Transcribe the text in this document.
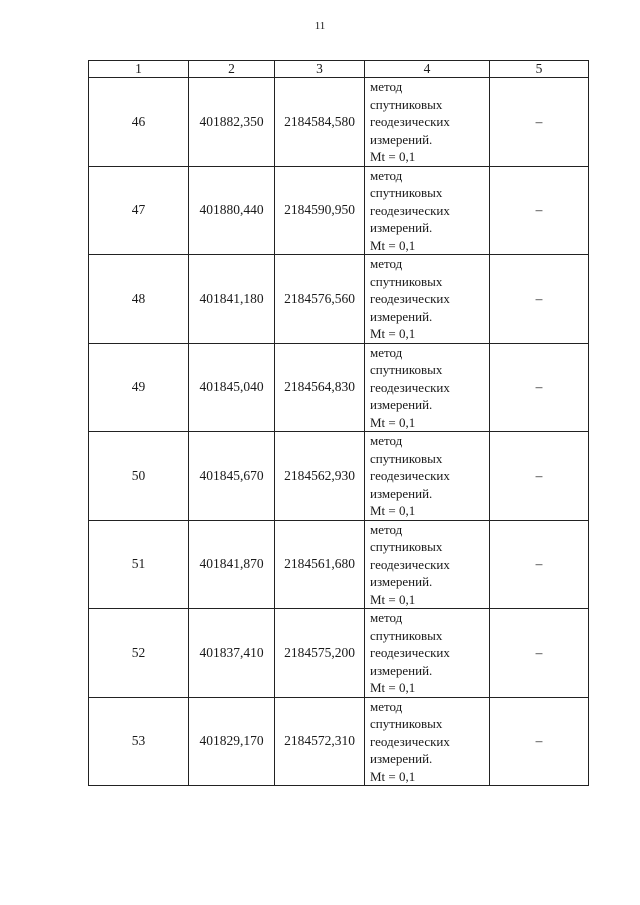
11
1	2	3	4	5
46	401882,350	2184584,580	метод
спутниковых
геодезических
измерений.
Mt = 0,1	–
47	401880,440	2184590,950	метод
спутниковых
геодезических
измерений.
Mt = 0,1	–
48	401841,180	2184576,560	метод
спутниковых
геодезических
измерений.
Mt = 0,1	–
49	401845,040	2184564,830	метод
спутниковых
геодезических
измерений.
Mt = 0,1	–
50	401845,670	2184562,930	метод
спутниковых
геодезических
измерений.
Mt = 0,1	–
51	401841,870	2184561,680	метод
спутниковых
геодезических
измерений.
Mt = 0,1	–
52	401837,410	2184575,200	метод
спутниковых
геодезических
измерений.
Mt = 0,1	–
53	401829,170	2184572,310	метод
спутниковых
геодезических
измерений.
Mt = 0,1	–
